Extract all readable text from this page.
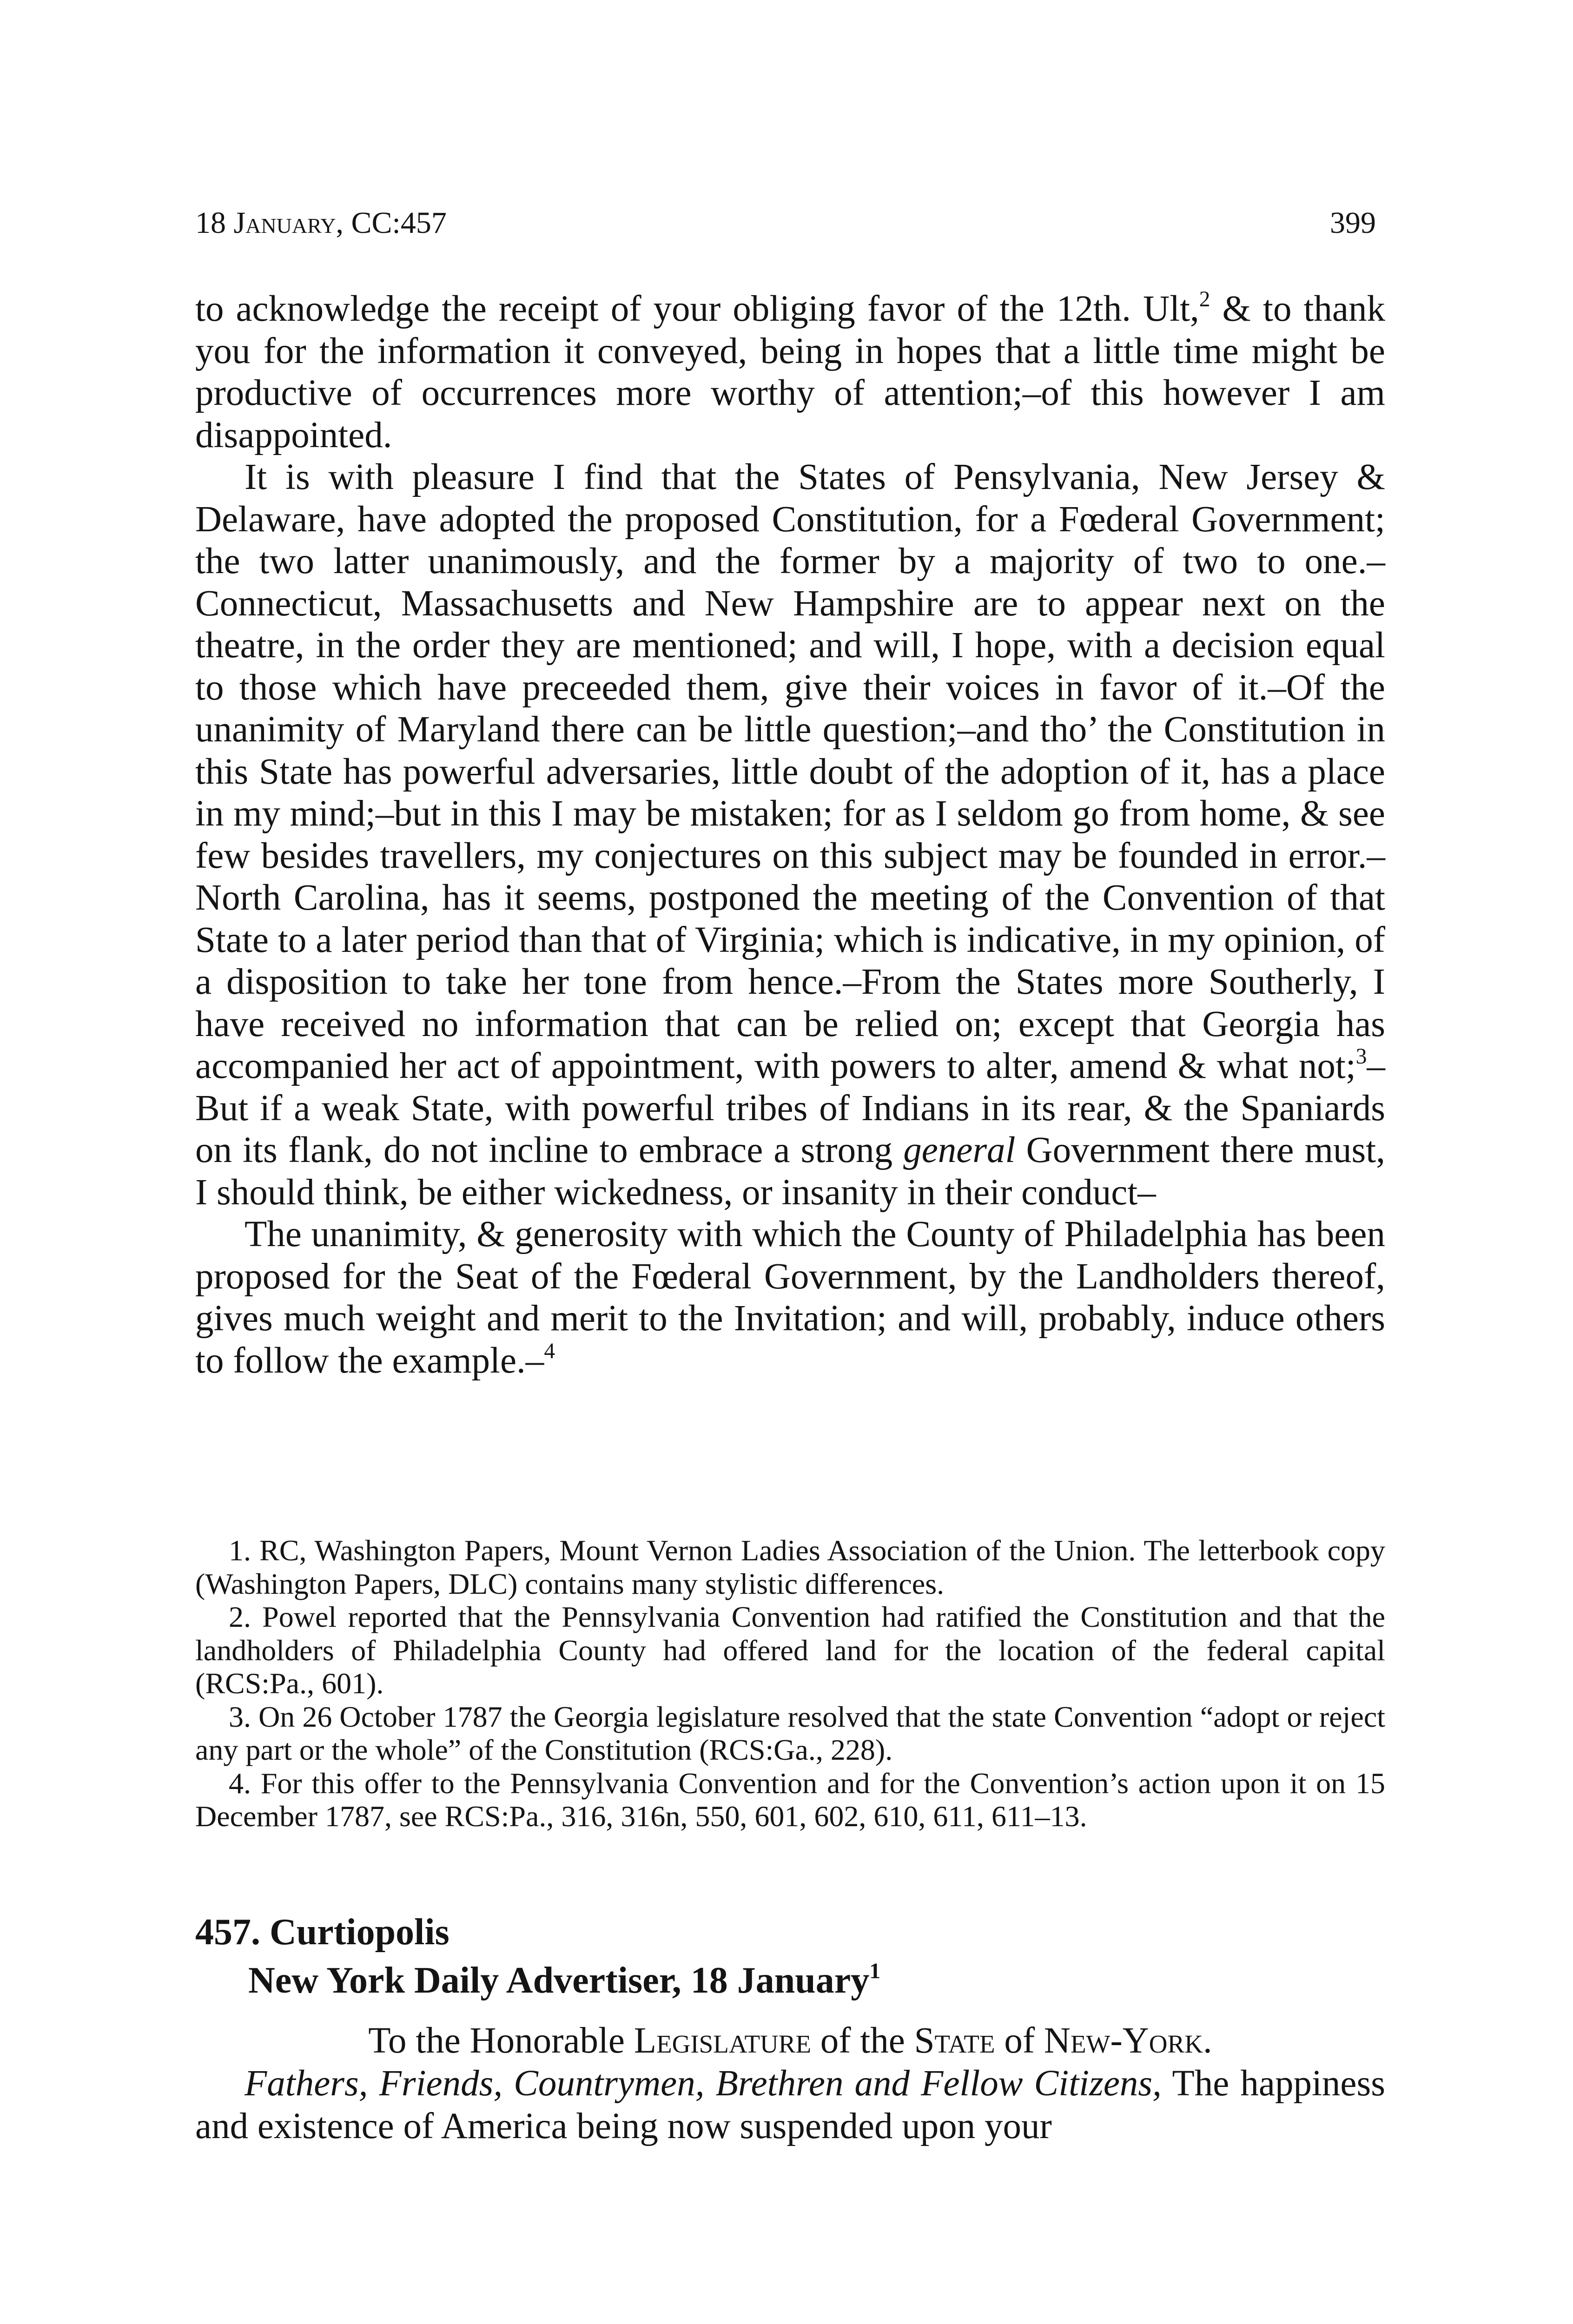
18 January, CC:457	399

to acknowledge the receipt of your obliging favor of the 12th. Ult,$^2$ & to thank you for the information it conveyed, being in hopes that a little time might be productive of occurrences more worthy of attention;–of this however I am disappointed.

It is with pleasure I find that the States of Pensylvania, New Jersey & Delaware, have adopted the proposed Constitution, for a Fœderal Government; the two latter unanimously, and the former by a majority of two to one.–Connecticut, Massachusetts and New Hampshire are to appear next on the theatre, in the order they are mentioned; and will, I hope, with a decision equal to those which have preceeded them, give their voices in favor of it.–Of the unanimity of Maryland there can be little question;–and tho’ the Constitution in this State has powerful adversaries, little doubt of the adoption of it, has a place in my mind;–but in this I may be mistaken; for as I seldom go from home, & see few besides travellers, my conjectures on this subject may be founded in error.–North Carolina, has it seems, postponed the meeting of the Convention of that State to a later period than that of Virginia; which is indicative, in my opinion, of a disposition to take her tone from hence.–From the States more Southerly, I have received no information that can be relied on; except that Georgia has accompanied her act of appointment, with powers to alter, amend & what not;$^3$–But if a weak State, with powerful tribes of Indians in its rear, & the Spaniards on its flank, do not incline to embrace a strong general Government there must, I should think, be either wickedness, or insanity in their conduct–

The unanimity, & generosity with which the County of Philadelphia has been proposed for the Seat of the Fœderal Government, by the Landholders thereof, gives much weight and merit to the Invitation; and will, probably, induce others to follow the example.–$^4$

1. RC, Washington Papers, Mount Vernon Ladies Association of the Union. The letterbook copy (Washington Papers, DLC) contains many stylistic differences.

2. Powel reported that the Pennsylvania Convention had ratified the Constitution and that the landholders of Philadelphia County had offered land for the location of the federal capital (RCS:Pa., 601).

3. On 26 October 1787 the Georgia legislature resolved that the state Convention “adopt or reject any part or the whole” of the Constitution (RCS:Ga., 228).

4. For this offer to the Pennsylvania Convention and for the Convention’s action upon it on 15 December 1787, see RCS:Pa., 316, 316n, 550, 601, 602, 610, 611, 611–13.

457. Curtiopolis
New York Daily Advertiser, 18 January$^1$

To the Honorable Legislature of the State of New-York.

Fathers, Friends, Countrymen, Brethren and Fellow Citizens, The happiness and existence of America being now suspended upon your
